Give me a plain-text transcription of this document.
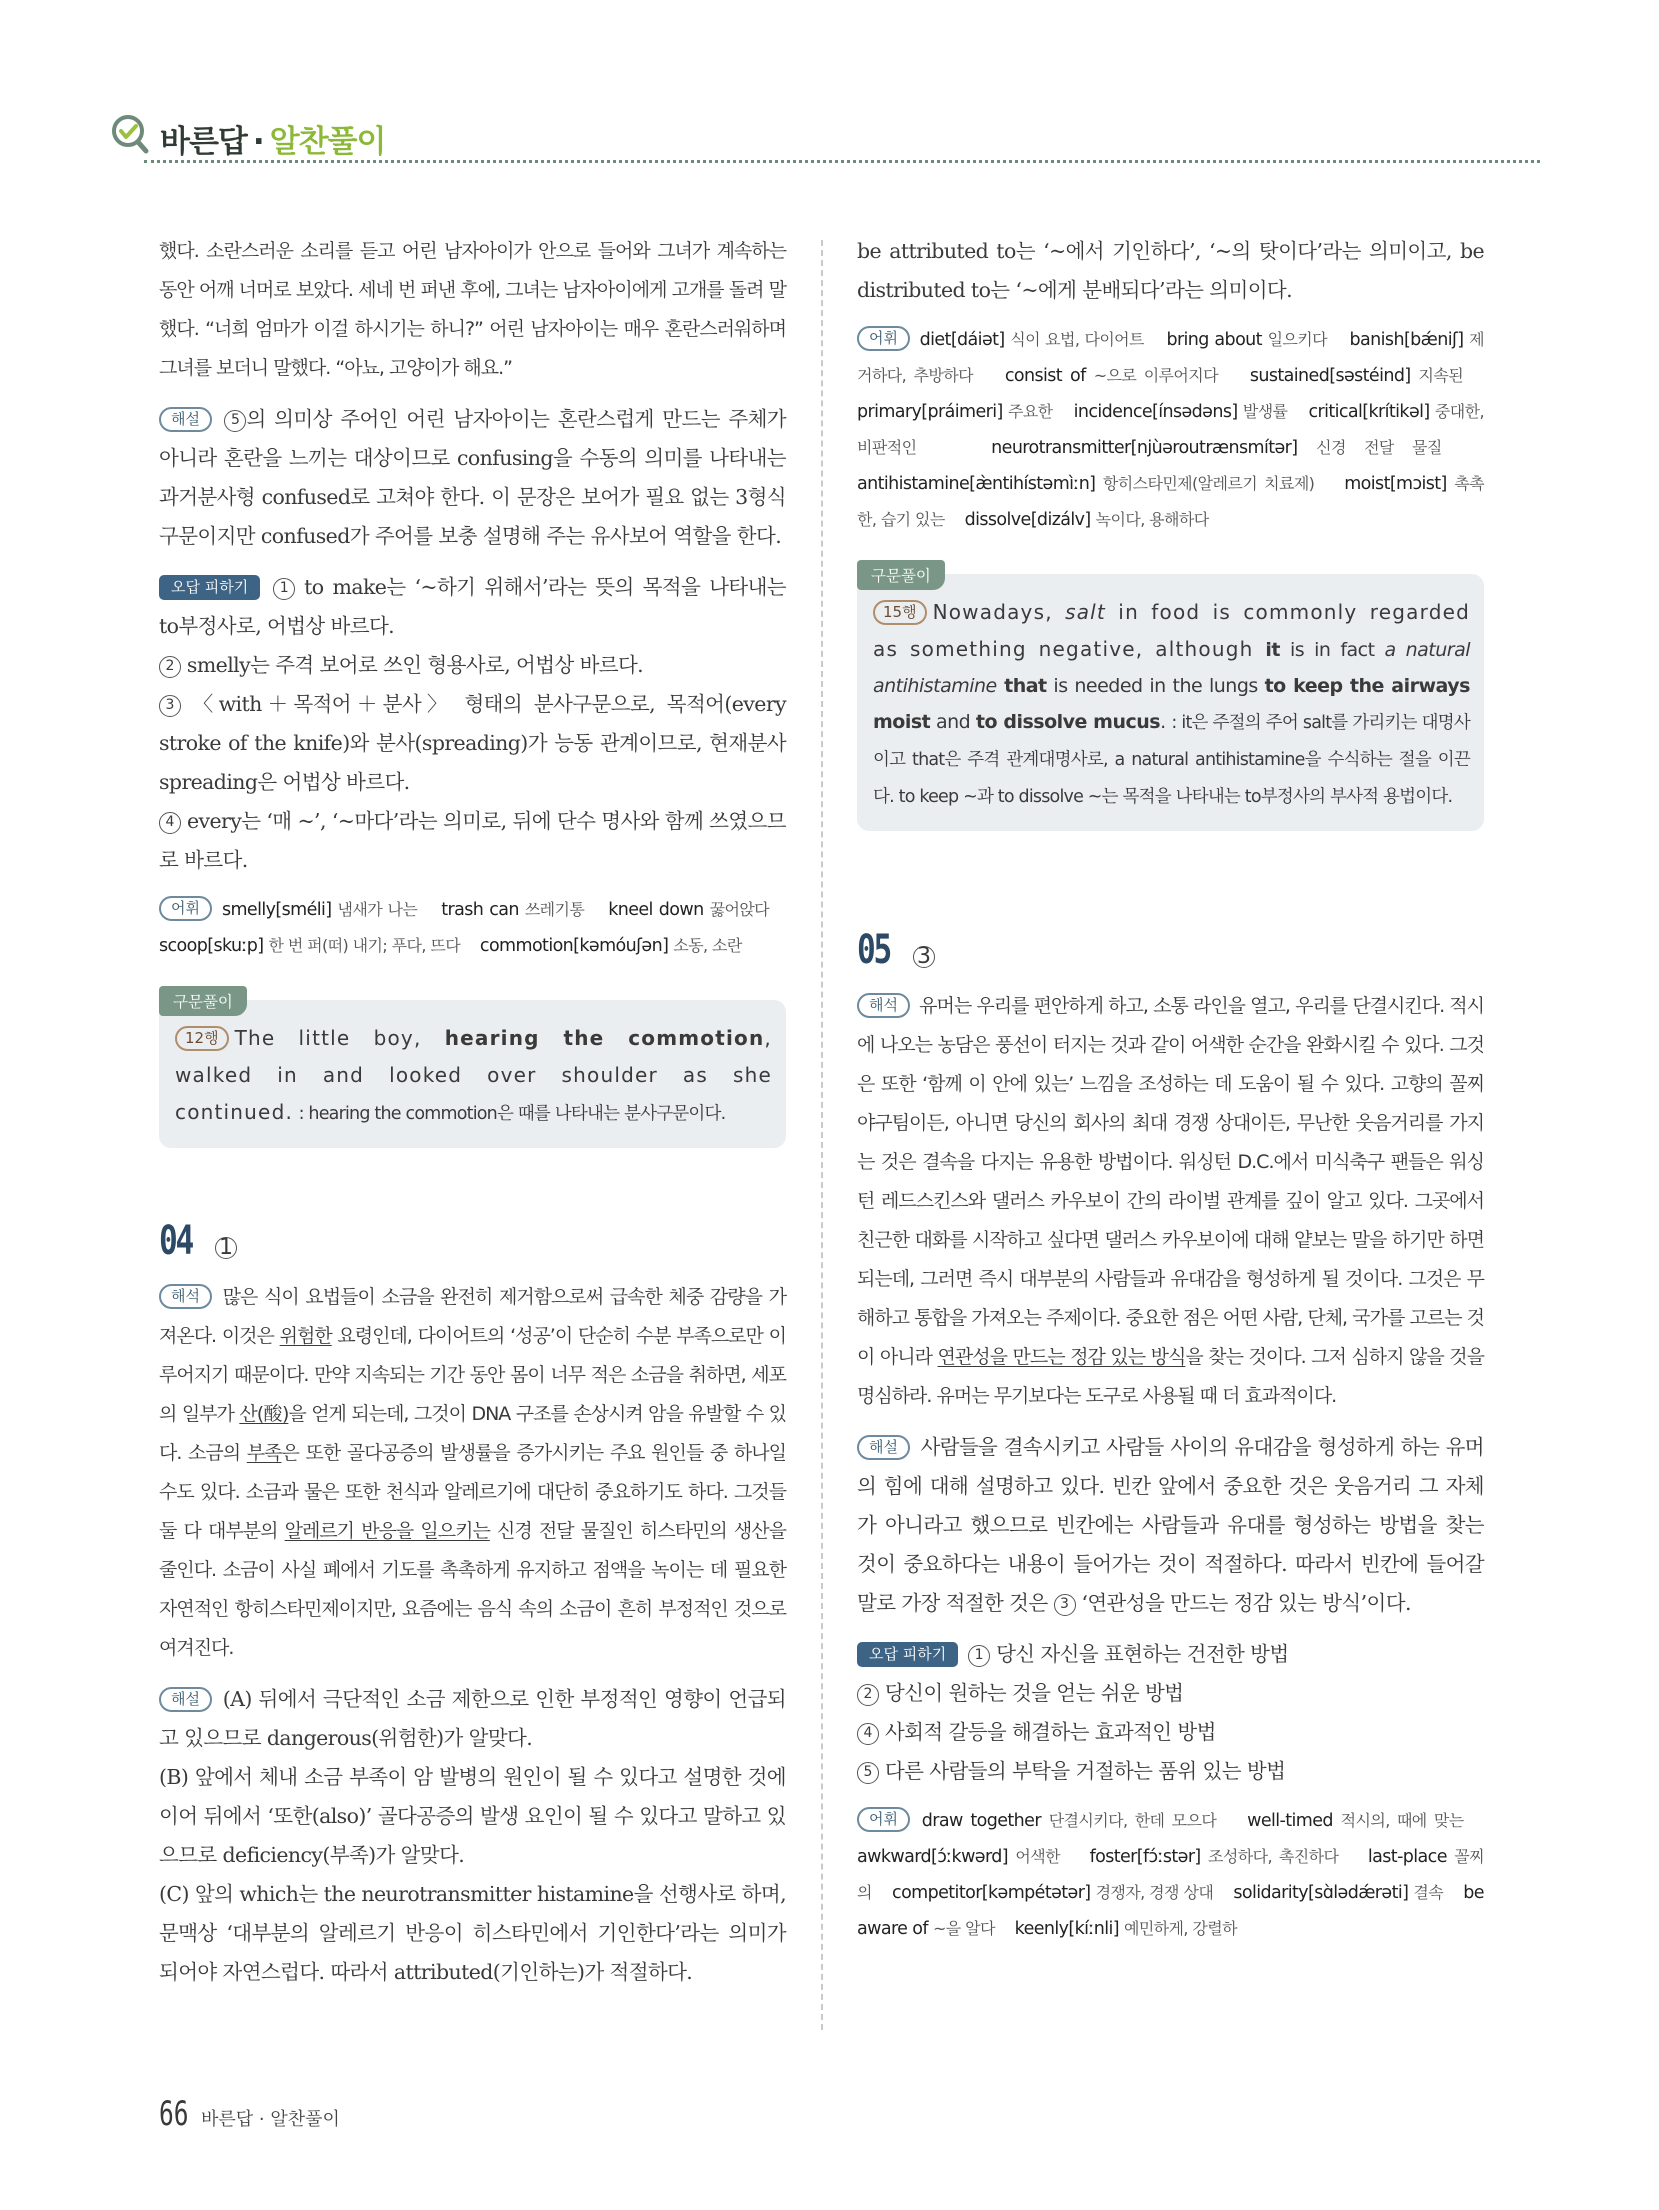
바른답 · 알찬풀이

했다. 소란스러운 소리를 듣고 어린 남자아이가 안으로 들어와 그녀가 계속하는 동안 어깨 너머로 보았다. 세네 번 퍼낸 후에, 그녀는 남자아이에게 고개를 돌려 말했다. “너희 엄마가 이걸 하시기는 하니?” 어린 남자아이는 매우 혼란스러워하며 그녀를 보더니 말했다. “아뇨, 고양이가 해요.”

해설 5 의 의미상 주어인 어린 남자아이는 혼란스럽게 만드는 주체가 아니라 혼란을 느끼는 대상이므로 confusing을 수동의 의미를 나타내는 과거분사형 confused로 고쳐야 한다. 이 문장은 보어가 필요 없는 3형식 구문이지만 confused가 주어를 보충 설명해 주는 유사보어 역할을 한다.

오답 피하기 1 to make는 ‘~하기 위해서’라는 뜻의 목적을 나타내는 to부정사로, 어법상 바르다.

2 smelly는 주격 보어로 쓰인 형용사로, 어법상 바르다.

3 〈with＋목적어＋분사〉 형태의 분사구문으로, 목적어(every stroke of the knife)와 분사(spreading)가 능동 관계이므로, 현재분사 spreading은 어법상 바르다.

4 every는 ‘매 ~’, ‘~마다’라는 의미로, 뒤에 단수 명사와 함께 쓰였으므로 바르다.

어휘 smelly[sméli] 냄새가 나는 trash can 쓰레기통 kneel down 꿇어앉다    scoop[skuːp] 한 번 퍼(떠) 내기; 푸다, 뜨다 commotion[kəmóuʃən] 소동, 소란

구문풀이

12행 The little boy, hearing the commotion, walked in and looked over shoulder as she continued. : hearing the commotion은 때를 나타내는 분사구문이다.

04 1

해석 많은 식이 요법들이 소금을 완전히 제거함으로써 급속한 체중 감량을 가져온다. 이것은 위험한 요령인데, 다이어트의 ‘성공’이 단순히 수분 부족으로만 이루어지기 때문이다. 만약 지속되는 기간 동안 몸이 너무 적은 소금을 취하면, 세포의 일부가 산(酸)을 얻게 되는데, 그것이 DNA 구조를 손상시켜 암을 유발할 수 있다. 소금의 부족은 또한 골다공증의 발생률을 증가시키는 주요 원인들 중 하나일 수도 있다. 소금과 물은 또한 천식과 알레르기에 대단히 중요하기도 하다. 그것들 둘 다 대부분의 알레르기 반응을 일으키는 신경 전달 물질인 히스타민의 생산을 줄인다. 소금이 사실 폐에서 기도를 촉촉하게 유지하고 점액을 녹이는 데 필요한 자연적인 항히스타민제이지만, 요즘에는 음식 속의 소금이 흔히 부정적인 것으로 여겨진다.

해설 (A) 뒤에서 극단적인 소금 제한으로 인한 부정적인 영향이 언급되고 있으므로 dangerous(위험한)가 알맞다.

(B) 앞에서 체내 소금 부족이 암 발병의 원인이 될 수 있다고 설명한 것에 이어 뒤에서 ‘또한(also)’ 골다공증의 발생 요인이 될 수 있다고 말하고 있으므로 deficiency(부족)가 알맞다.

(C) 앞의 which는 the neurotransmitter histamine을 선행사로 하며, 문맥상 ‘대부분의 알레르기 반응이 히스타민에서 기인한다’라는 의미가 되어야 자연스럽다. 따라서 attributed(기인하는)가 적절하다.

be attributed to는 ‘~에서 기인하다’, ‘~의 탓이다’라는 의미이고, be distributed to는 ‘~에게 분배되다’라는 의미이다.

어휘 diet[dáiət] 식이 요법, 다이어트 bring about 일으키다 banish[bǽniʃ] 제거하다, 추방하다 consist of ~으로 이루어지다 sustained[səstéind] 지속된    primary[práimeri] 주요한 incidence[ínsədəns] 발생률 critical[krítikəl] 중대한, 비판적인	neurotransmitter[njùəroutrænsmítər] 신경 전달 물질    antihistamine[æ̀ntihístəmìːn] 항히스타민제(알레르기 치료제) moist[mɔist] 촉촉한, 습기 있는 dissolve[dizálv] 녹이다, 용해하다

구문풀이

15행 Nowadays, salt in food is commonly regarded as something negative, although it is in fact a natural antihistamine that is needed in the lungs to keep the airways moist and to dissolve mucus. : it은 주절의 주어 salt를 가리키는 대명사이고 that은 주격 관계대명사로, a natural antihistamine을 수식하는 절을 이끈다. to keep ~과 to dissolve ~는 목적을 나타내는 to부정사의 부사적 용법이다.

05 3

해석 유머는 우리를 편안하게 하고, 소통 라인을 열고, 우리를 단결시킨다. 적시에 나오는 농담은 풍선이 터지는 것과 같이 어색한 순간을 완화시킬 수 있다. 그것은 또한 ‘함께 이 안에 있는’ 느낌을 조성하는 데 도움이 될 수 있다. 고향의 꼴찌 야구팀이든, 아니면 당신의 회사의 최대 경쟁 상대이든, 무난한 웃음거리를 가지는 것은 결속을 다지는 유용한 방법이다. 워싱턴 D.C.에서 미식축구 팬들은 워싱턴 레드스킨스와 댈러스 카우보이 간의 라이벌 관계를 깊이 알고 있다. 그곳에서 친근한 대화를 시작하고 싶다면 댈러스 카우보이에 대해 얕보는 말을 하기만 하면 되는데, 그러면 즉시 대부분의 사람들과 유대감을 형성하게 될 것이다. 그것은 무해하고 통합을 가져오는 주제이다. 중요한 점은 어떤 사람, 단체, 국가를 고르는 것이 아니라 연관성을 만드는 정감 있는 방식을 찾는 것이다. 그저 심하지 않을 것을 명심하라. 유머는 무기보다는 도구로 사용될 때 더 효과적이다.

해설 사람들을 결속시키고 사람들 사이의 유대감을 형성하게 하는 유머의 힘에 대해 설명하고 있다. 빈칸 앞에서 중요한 것은 웃음거리 그 자체가 아니라고 했으므로 빈칸에는 사람들과 유대를 형성하는 방법을 찾는 것이 중요하다는 내용이 들어가는 것이 적절하다. 따라서 빈칸에 들어갈 말로 가장 적절한 것은 3 ‘연관성을 만드는 정감 있는 방식’이다.

오답 피하기 1 당신 자신을 표현하는 건전한 방법

2 당신이 원하는 것을 얻는 쉬운 방법

4 사회적 갈등을 해결하는 효과적인 방법

5 다른 사람들의 부탁을 거절하는 품위 있는 방법

어휘 draw together 단결시키다, 한데 모으다 well-timed 적시의, 때에 맞는    awkward[ɔ́ːkwərd] 어색한 foster[fɔ́ːstər] 조성하다, 촉진하다 last-place 꼴찌의 competitor[kəmpétətər] 경쟁자, 경쟁 상대 solidarity[sɑ̀lədǽrəti] 결속 be aware of ~을 알다 keenly[kíːnli] 예민하게, 강렬하

66 바른답 · 알찬풀이
